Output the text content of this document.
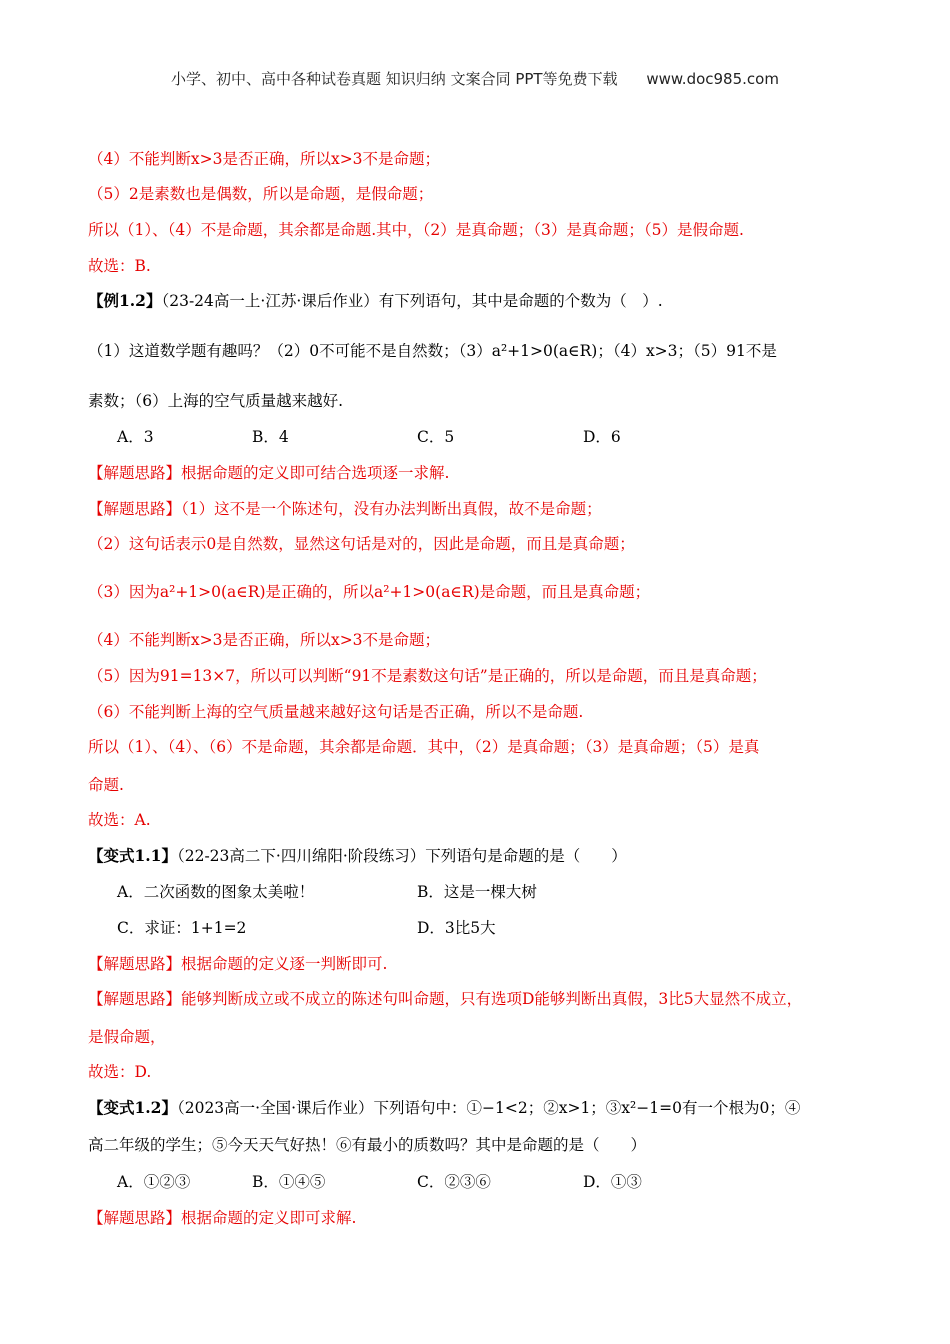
小学、初中、高中各种试卷真题 知识归纳 文案合同 PPT等免费下载 www.doc985.com
（4）不能判断x>3是否正确，所以x>3不是命题；
（5）2是素数也是偶数，所以是命题，是假命题；
所以（1）、（4）不是命题，其余都是命题.其中，（2）是真命题；（3）是真命题；（5）是假命题.
故选：B.
【例1.2】（23-24高一上·江苏·课后作业）有下列语句，其中是命题的个数为（　）.
（1）这道数学题有趣吗？（2）0不可能不是自然数；（3）a²+1>0(a∈R)；（4）x>3；（5）91不是
素数；（6）上海的空气质量越来越好.
A．3	B．4	C．5	D．6
【解题思路】根据命题的定义即可结合选项逐一求解.
【解题思路】（1）这不是一个陈述句，没有办法判断出真假，故不是命题；
（2）这句话表示0是自然数，显然这句话是对的，因此是命题，而且是真命题；
（3）因为a²+1>0(a∈R)是正确的，所以a²+1>0(a∈R)是命题，而且是真命题；
（4）不能判断x>3是否正确，所以x>3不是命题；
（5）因为91=13×7，所以可以判断“91不是素数这句话”是正确的，所以是命题，而且是真命题；
（6）不能判断上海的空气质量越来越好这句话是否正确，所以不是命题.
所以（1）、（4）、（6）不是命题，其余都是命题．其中，（2）是真命题；（3）是真命题；（5）是真
命题.
故选：A.
【变式1.1】（22-23高二下·四川绵阳·阶段练习）下列语句是命题的是（　　）
A．二次函数的图象太美啦！	B．这是一棵大树
C．求证：1+1=2	D．3比5大
【解题思路】根据命题的定义逐一判断即可.
【解题思路】能够判断成立或不成立的陈述句叫命题，只有选项D能够判断出真假，3比5大显然不成立，
是假命题，
故选：D.
【变式1.2】（2023高一·全国·课后作业）下列语句中：①−1<2；②x>1；③x²−1=0有一个根为0；④
高二年级的学生；⑤今天天气好热！⑥有最小的质数吗？其中是命题的是（　　）
A．①②③	B．①④⑤	C．②③⑥	D．①③
【解题思路】根据命题的定义即可求解.
